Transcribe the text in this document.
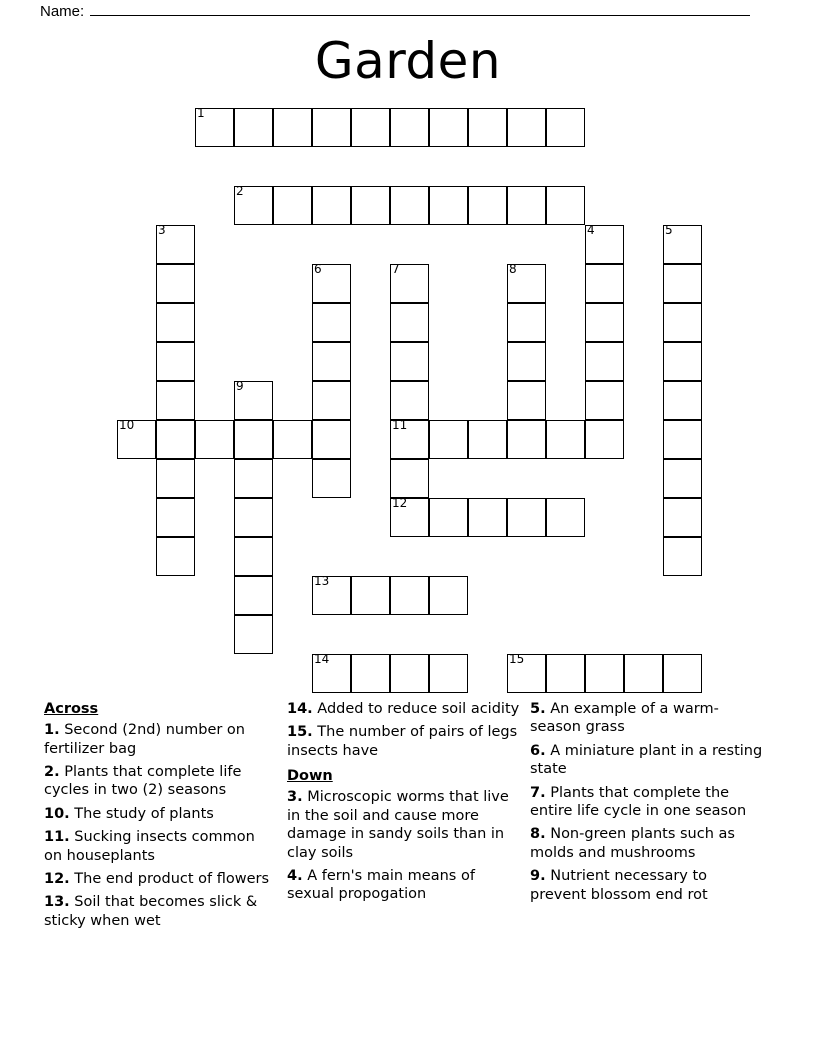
Name:
Garden
1
2
3	4	5
6	7
11
8
9
10
12
13
14	15
Across
1. Second (2nd) number on fertilizer bag
2. Plants that complete life cycles in two (2) seasons
10. The study of plants
11. Sucking insects common on houseplants
12. The end product of flowers
13. Soil that becomes slick & sticky when wet
14. Added to reduce soil acidity
15. The number of pairs of legs insects have
Down
3. Microscopic worms that live in the soil and cause more damage in sandy soils than in clay soils
4. A fern's main means of sexual propogation
5. An example of a warm-season grass
6. A miniature plant in a resting state
7. Plants that complete the entire life cycle in one season
8. Non-green plants such as molds and mushrooms
9. Nutrient necessary to prevent blossom end rot
